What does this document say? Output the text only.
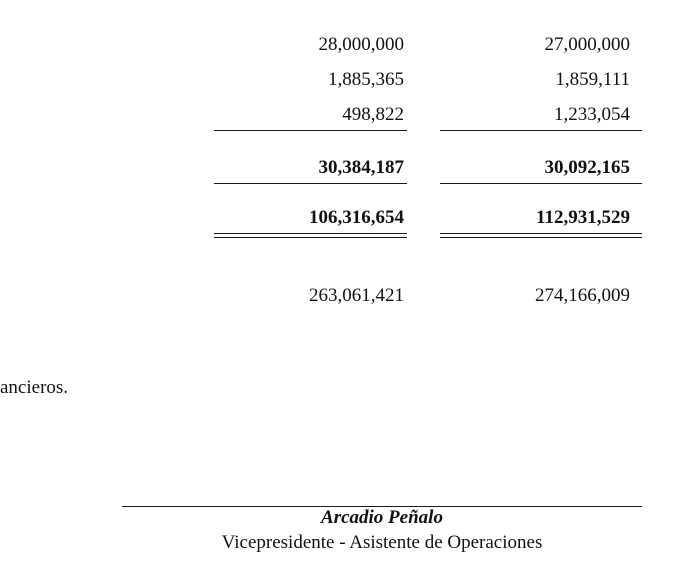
28,000,000	27,000,000
1,885,365	1,859,111
498,822	1,233,054
30,384,187	30,092,165
106,316,654	112,931,529
263,061,421	274,166,009
ancieros.
Arcadio Peñalo
Vicepresidente - Asistente de Operaciones
